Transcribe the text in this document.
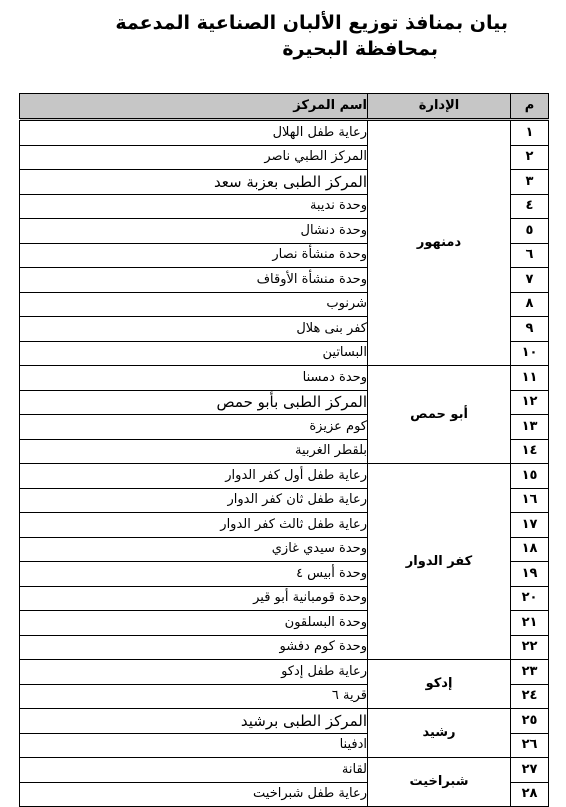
بيان بمنافذ توزيع الألبان الصناعية المدعمة

بمحافظة البحيرة
م	الإدارة	اسم المركز
١	دمنهور	رعاية طفل الهلال
٢		المركز الطبي ناصر
٣		المركز الطبى بعزبة سعد
٤		وحدة نديبة
٥		وحدة دنشال
٦		وحدة منشأة نصار
٧		وحدة منشأة الأوقاف
٨		شرنوب
٩		كفر بنى هلال
١٠		البساتين
١١	أبو حمص	وحدة دمسنا
١٢		المركز الطبى بأبو حمص
١٣		كوم عزيزة
١٤		بلقطر الغربية
١٥	كفر الدوار	رعاية طفل أول كفر الدوار
١٦		رعاية طفل ثان كفر الدوار
١٧		رعاية طفل ثالث كفر الدوار
١٨		وحدة سيدي غازي
١٩		وحدة أبيس ٤
٢٠		وحدة قومبانية أبو قير
٢١		وحدة البسلقون
٢٢		وحدة كوم دفشو
٢٣	إدكو	رعاية طفل إدكو
٢٤		قرية ٦
٢٥	رشيد	المركز الطبى برشيد
٢٦		ادفينا
٢٧	شبراخيت	لقانة
٢٨		رعاية طفل شبراخيت
